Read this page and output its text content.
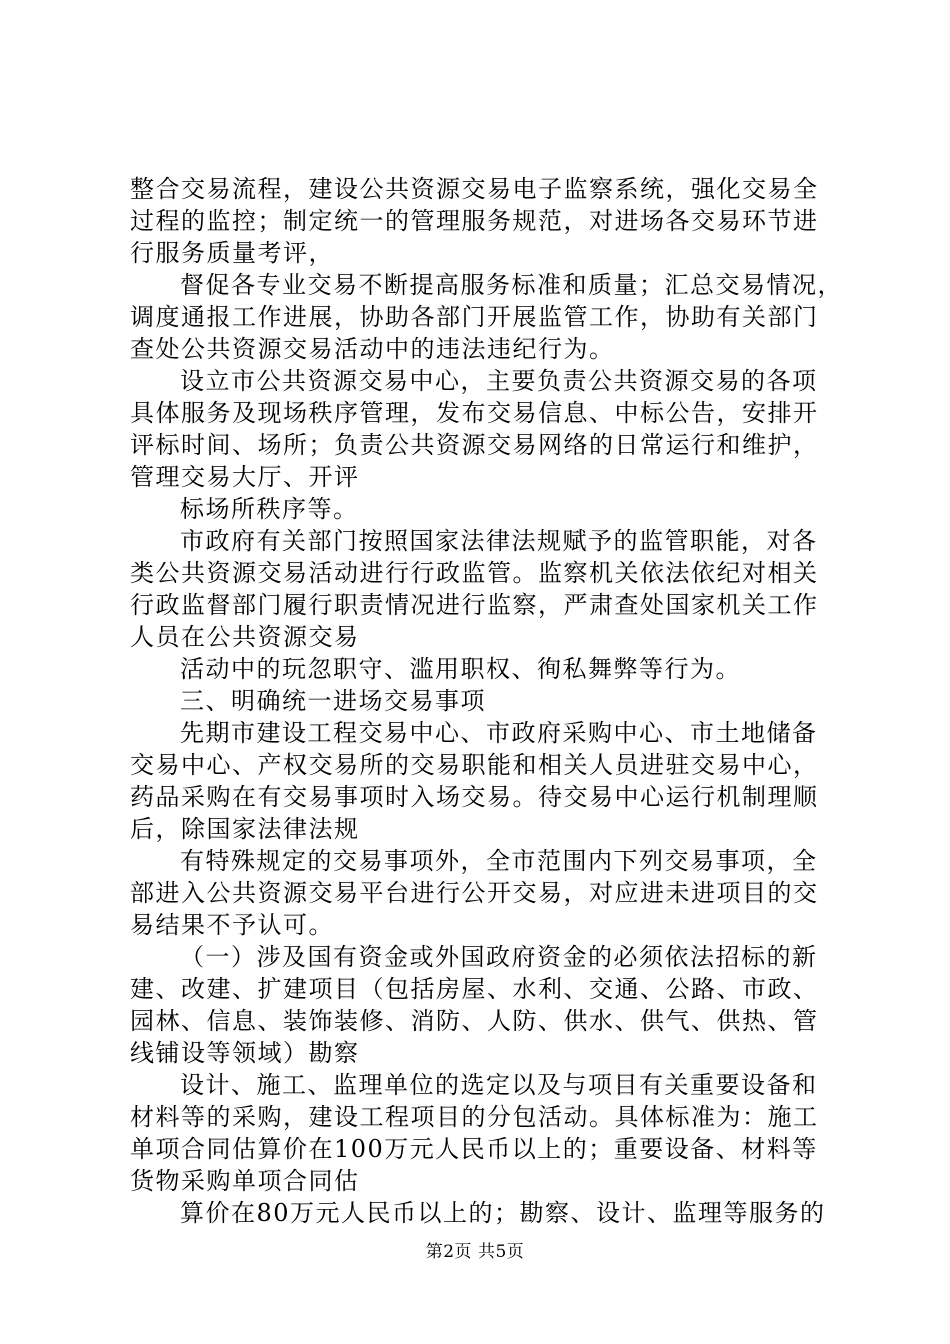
整合交易流程，建设公共资源交易电子监察系统，强化交易全
过程的监控；制定统一的管理服务规范，对进场各交易环节进
行服务质量考评，
督促各专业交易不断提高服务标准和质量；汇总交易情况，
调度通报工作进展，协助各部门开展监管工作，协助有关部门
查处公共资源交易活动中的违法违纪行为。
设立市公共资源交易中心，主要负责公共资源交易的各项
具体服务及现场秩序管理，发布交易信息、中标公告，安排开
评标时间、场所；负责公共资源交易网络的日常运行和维护，
管理交易大厅、开评
标场所秩序等。
市政府有关部门按照国家法律法规赋予的监管职能，对各
类公共资源交易活动进行行政监管。监察机关依法依纪对相关
行政监督部门履行职责情况进行监察，严肃查处国家机关工作
人员在公共资源交易
活动中的玩忽职守、滥用职权、徇私舞弊等行为。
三、明确统一进场交易事项
先期市建设工程交易中心、市政府采购中心、市土地储备
交易中心、产权交易所的交易职能和相关人员进驻交易中心，
药品采购在有交易事项时入场交易。待交易中心运行机制理顺
后，除国家法律法规
有特殊规定的交易事项外，全市范围内下列交易事项，全
部进入公共资源交易平台进行公开交易，对应进未进项目的交
易结果不予认可。
（一）涉及国有资金或外国政府资金的必须依法招标的新
建、改建、扩建项目（包括房屋、水利、交通、公路、市政、
园林、信息、装饰装修、消防、人防、供水、供气、供热、管
线铺设等领域）勘察
设计、施工、监理单位的选定以及与项目有关重要设备和
材料等的采购，建设工程项目的分包活动。具体标准为：施工
单项合同估算价在100万元人民币以上的；重要设备、材料等
货物采购单项合同估
算价在80万元人民币以上的；勘察、设计、监理等服务的
第2页 共5页
